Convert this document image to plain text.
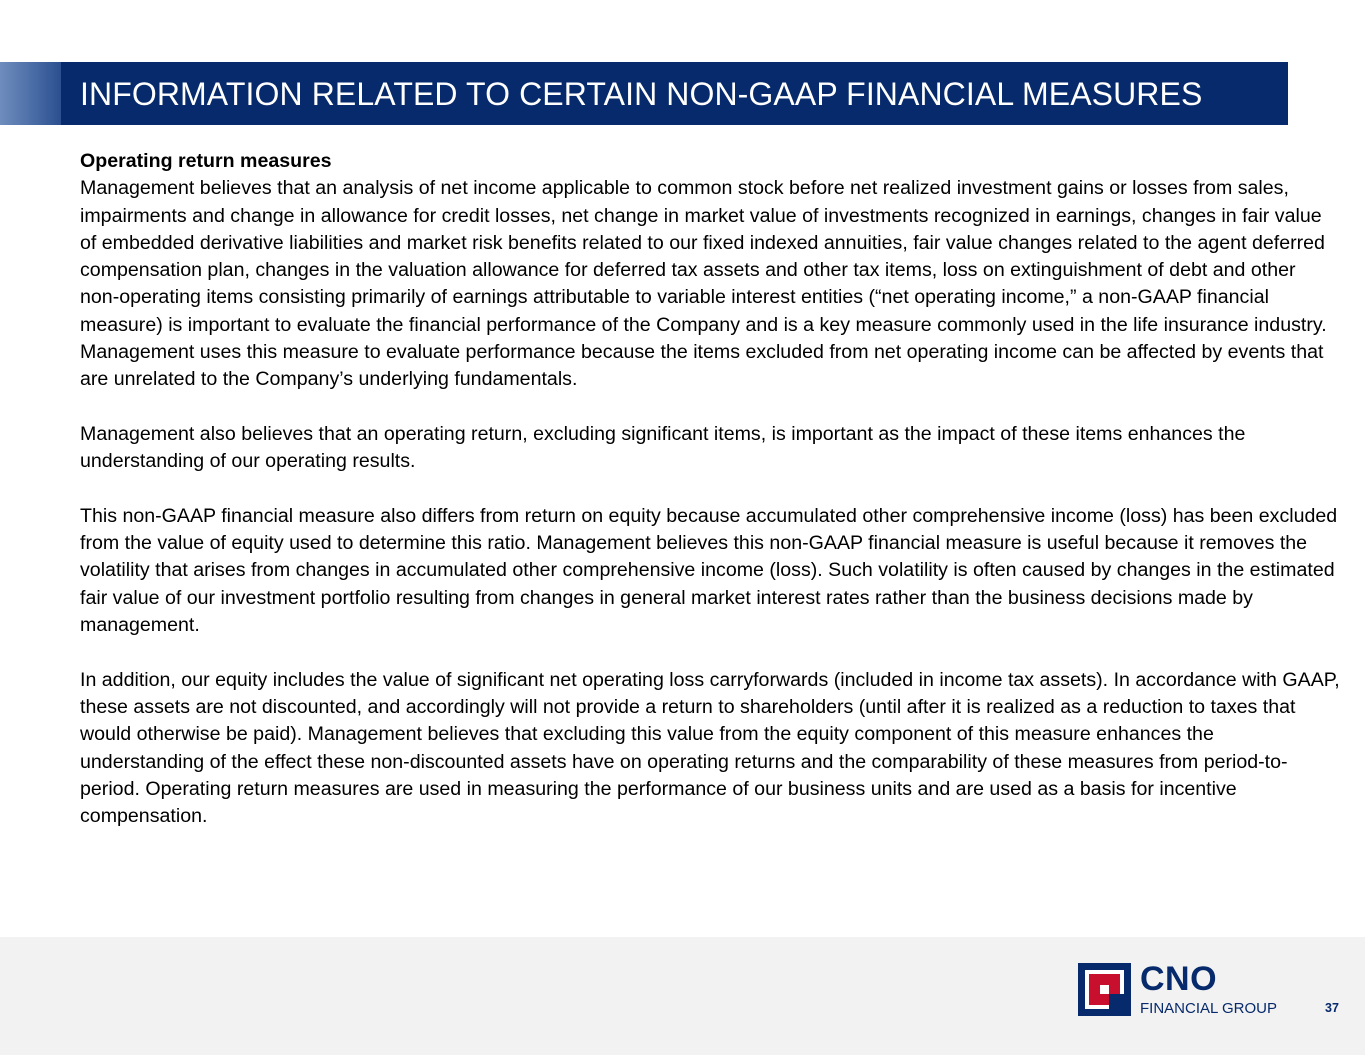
INFORMATION RELATED TO CERTAIN NON-GAAP FINANCIAL MEASURES

Operating return measures
Management believes that an analysis of net income applicable to common stock before net realized investment gains or losses from sales, impairments and change in allowance for credit losses, net change in market value of investments recognized in earnings, changes in fair value of embedded derivative liabilities and market risk benefits related to our fixed indexed annuities, fair value changes related to the agent deferred compensation plan, changes in the valuation allowance for deferred tax assets and other tax items, loss on extinguishment of debt and other non-operating items consisting primarily of earnings attributable to variable interest entities (“net operating income,” a non-GAAP financial measure) is important to evaluate the financial performance of the Company and is a key measure commonly used in the life insurance industry. Management uses this measure to evaluate performance because the items excluded from net operating income can be affected by events that are unrelated to the Company’s underlying fundamentals.

Management also believes that an operating return, excluding significant items, is important as the impact of these items enhances the understanding of our operating results.

This non-GAAP financial measure also differs from return on equity because accumulated other comprehensive income (loss) has been excluded from the value of equity used to determine this ratio. Management believes this non-GAAP financial measure is useful because it removes the volatility that arises from changes in accumulated other comprehensive income (loss). Such volatility is often caused by changes in the estimated fair value of our investment portfolio resulting from changes in general market interest rates rather than the business decisions made by management.

In addition, our equity includes the value of significant net operating loss carryforwards (included in income tax assets). In accordance with GAAP, these assets are not discounted, and accordingly will not provide a return to shareholders (until after it is realized as a reduction to taxes that would otherwise be paid). Management believes that excluding this value from the equity component of this measure enhances the understanding of the effect these non-discounted assets have on operating returns and the comparability of these measures from period-to-period. Operating return measures are used in measuring the performance of our business units and are used as a basis for incentive compensation.

CNO
FINANCIAL GROUP	37
